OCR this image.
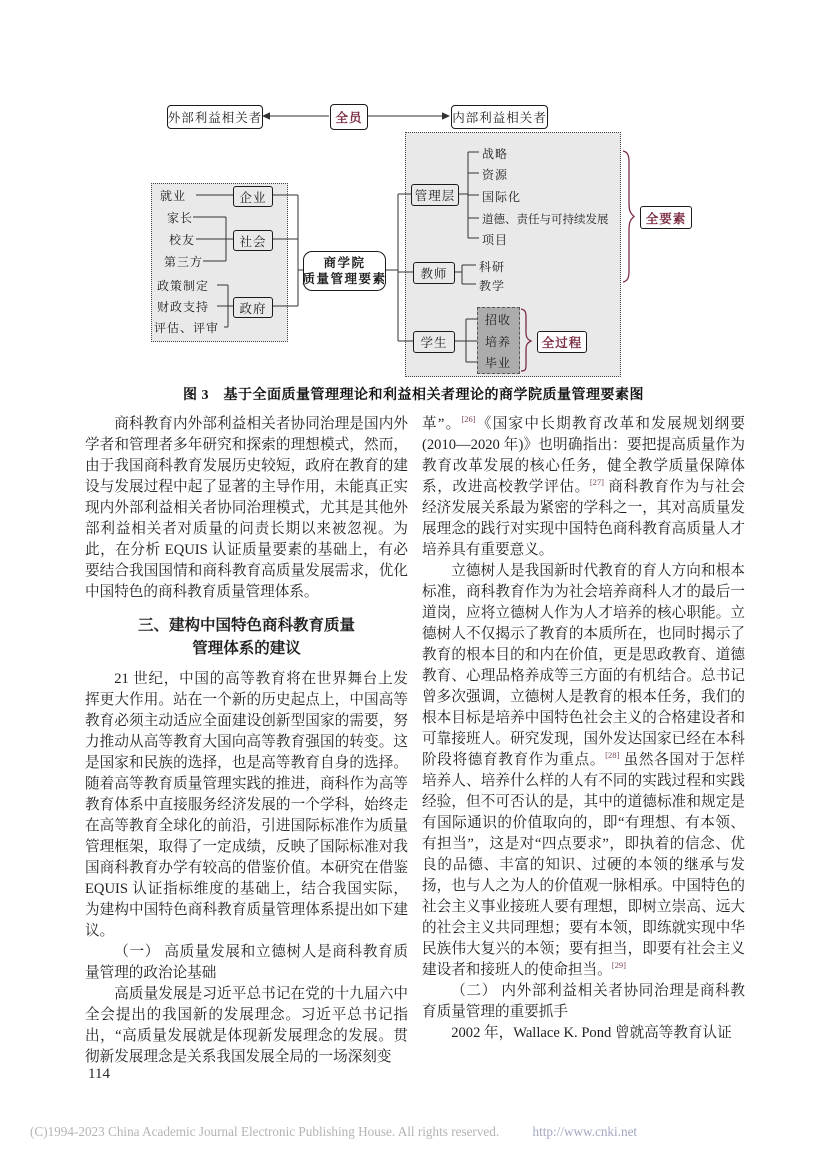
外部利益相关者	全员	内部利益相关者
就业
家长
校友
第三方
政策制定
财政支持
评估、评审
企业
社会
政府
商学院
质量管理要素
管理层
教师
学生
战略
资源
国际化
道德、责任与可持续发展
项目
科研
教学
招收
培养
毕业
全过程
全要素
图 3　基于全面质量管理理论和利益相关者理论的商学院质量管理要素图

商科教育内外部利益相关者协同治理是国内外学者和管理者多年研究和探索的理想模式，然而，由于我国商科教育发展历史较短，政府在教育的建设与发展过程中起了显著的主导作用，未能真正实现内外部利益相关者协同治理模式，尤其是其他外部利益相关者对质量的问责长期以来被忽视。为此，在分析 EQUIS 认证质量要素的基础上，有必要结合我国国情和商科教育高质量发展需求，优化中国特色的商科教育质量管理体系。

三、建构中国特色商科教育质量
管理体系的建议

21 世纪，中国的高等教育将在世界舞台上发挥更大作用。站在一个新的历史起点上，中国高等教育必须主动适应全面建设创新型国家的需要，努力推动从高等教育大国向高等教育强国的转变。这是国家和民族的选择，也是高等教育自身的选择。随着高等教育质量管理实践的推进，商科作为高等教育体系中直接服务经济发展的一个学科，始终走在高等教育全球化的前沿，引进国际标准作为质量管理框架，取得了一定成绩，反映了国际标准对我国商科教育办学有较高的借鉴价值。本研究在借鉴EQUIS 认证指标维度的基础上，结合我国实际，为建构中国特色商科教育质量管理体系提出如下建议。

（一） 高质量发展和立德树人是商科教育质量管理的政治论基础

高质量发展是习近平总书记在党的十九届六中全会提出的我国新的发展理念。习近平总书记指出，“高质量发展就是体现新发展理念的发展。贯彻新发展理念是关系我国发展全局的一场深刻变

革”。[26]《国家中长期教育改革和发展规划纲要(2010—2020 年)》也明确指出：要把提高质量作为教育改革发展的核心任务，健全教学质量保障体系，改进高校教学评估。[27] 商科教育作为与社会经济发展关系最为紧密的学科之一，其对高质量发展理念的践行对实现中国特色商科教育高质量人才培养具有重要意义。

立德树人是我国新时代教育的育人方向和根本标准，商科教育作为为社会培养商科人才的最后一道岗，应将立德树人作为人才培养的核心职能。立德树人不仅揭示了教育的本质所在，也同时揭示了教育的根本目的和内在价值，更是思政教育、道德教育、心理品格养成等三方面的有机结合。总书记曾多次强调，立德树人是教育的根本任务，我们的根本目标是培养中国特色社会主义的合格建设者和可靠接班人。研究发现，国外发达国家已经在本科阶段将德育教育作为重点。[28] 虽然各国对于怎样培养人、培养什么样的人有不同的实践过程和实践经验，但不可否认的是，其中的道德标准和规定是有国际通识的价值取向的，即“有理想、有本领、有担当”，这是对“四点要求”，即执着的信念、优良的品德、丰富的知识、过硬的本领的继承与发扬，也与人之为人的价值观一脉相承。中国特色的社会主义事业接班人要有理想，即树立崇高、远大的社会主义共同理想；要有本领，即练就实现中华民族伟大复兴的本领；要有担当，即要有社会主义建设者和接班人的使命担当。[29]

（二） 内外部利益相关者协同治理是商科教育质量管理的重要抓手

2002 年，Wallace K. Pond 曾就高等教育认证

114
(C)1994-2023 China Academic Journal Electronic Publishing House. All rights reserved.	http://www.cnki.net
